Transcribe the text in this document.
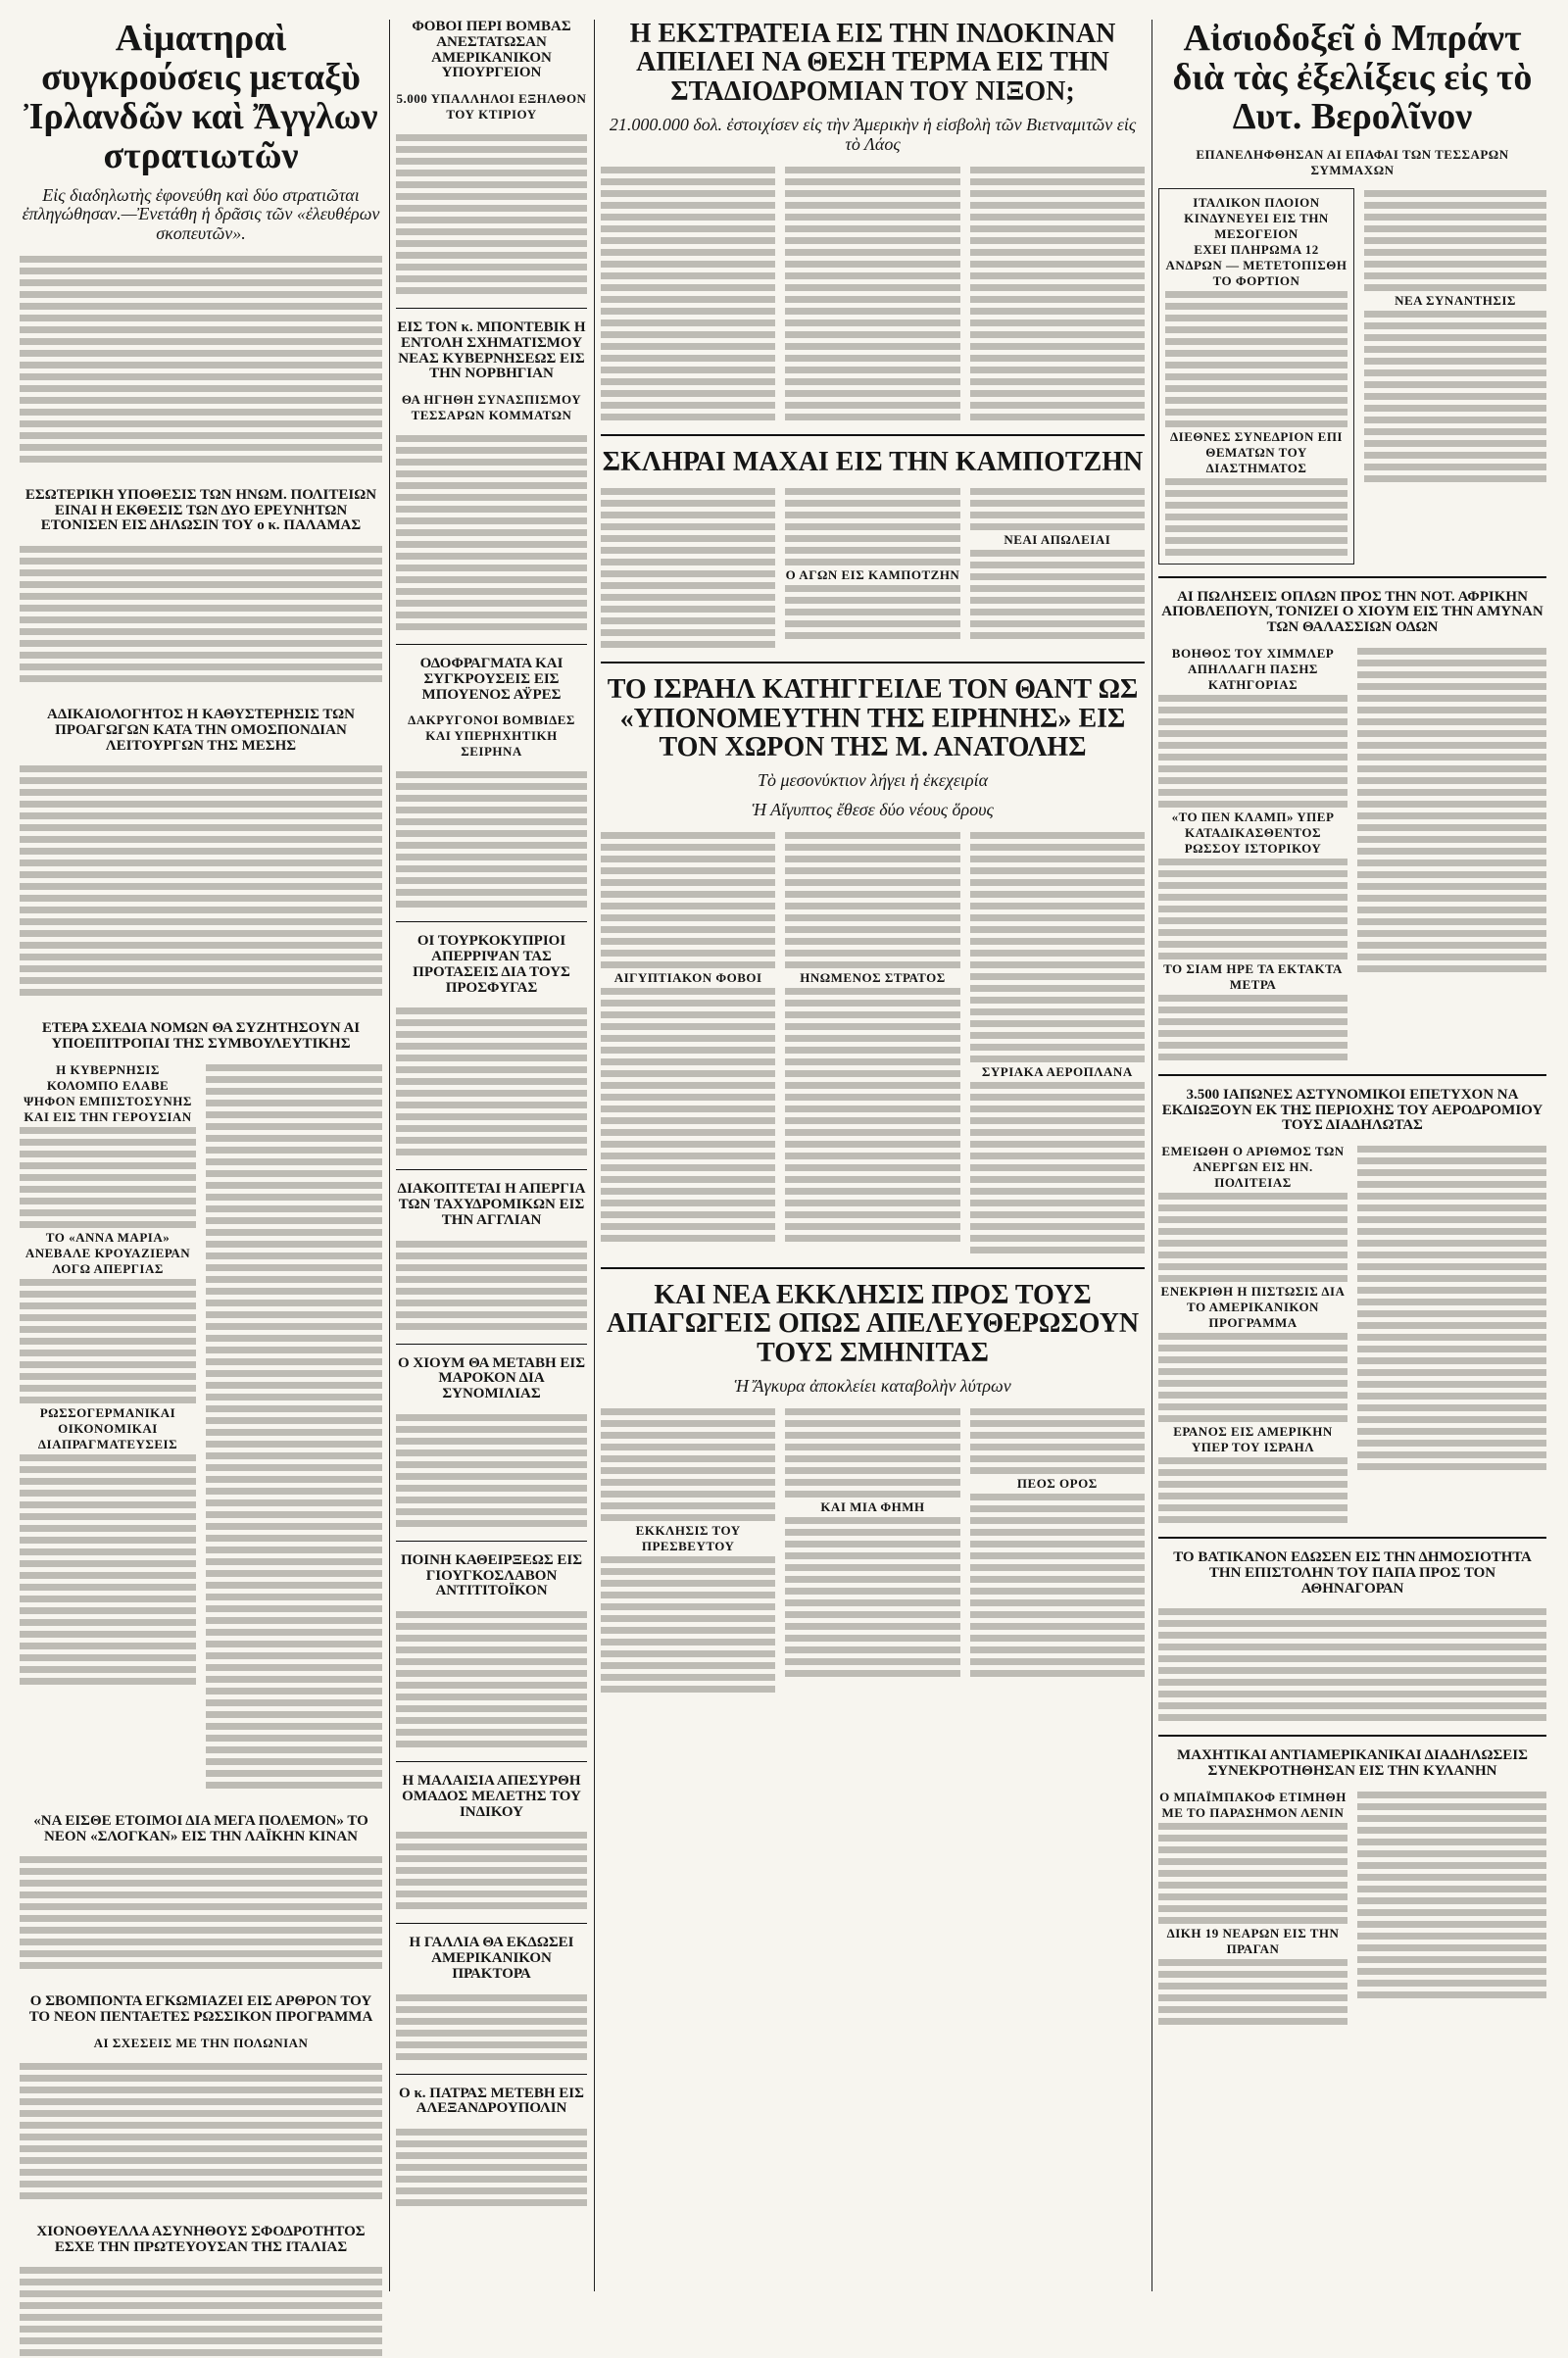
Αἱματηραὶ συγκρούσεις μεταξὺ Ἰρλανδῶν καὶ Ἄγγλων στρατιωτῶν
Εἰς διαδηλωτὴς ἐφονεύθη καὶ δύο στρατιῶται ἐπληγώθησαν.—Ἐνετάθη ἡ δρᾶσις τῶν «ἐλευθέρων σκοπευτῶν».
ΕΣΩΤΕΡΙΚΗ ΥΠΟΘΕΣΙΣ ΤΩΝ ΗΝΩΜ. ΠΟΛΙΤΕΙΩΝ ΕΙΝΑΙ Η ΕΚΘΕΣΙΣ ΤΩΝ ΔΥΟ ΕΡΕΥΝΗΤΩΝ ΕΤΟΝΙΣΕΝ ΕΙΣ ΔΗΛΩΣΙΝ ΤΟΥ ο κ. ΠΑΛΑΜΑΣ
ΑΔΙΚΑΙΟΛΟΓΗΤΟΣ Η ΚΑΘΥΣΤΕΡΗΣΙΣ ΤΩΝ ΠΡΟΑΓΩΓΩΝ ΚΑΤΑ ΤΗΝ ΟΜΟΣΠΟΝΔΙΑΝ ΛΕΙΤΟΥΡΓΩΝ ΤΗΣ ΜΕΣΗΣ
ΕΤΕΡΑ ΣΧΕΔΙΑ ΝΟΜΩΝ ΘΑ ΣΥΖΗΤΗΣΟΥΝ ΑΙ ΥΠΟΕΠΙΤΡΟΠΑΙ ΤΗΣ ΣΥΜΒΟΥΛΕΥΤΙΚΗΣ
Η ΚΥΒΕΡΝΗΣΙΣ ΚΟΛΟΜΠΟ ΕΛΑΒΕ ΨΗΦΟΝ ΕΜΠΙΣΤΟΣΥΝΗΣ ΚΑΙ ΕΙΣ ΤΗΝ ΓΕΡΟΥΣΙΑΝ
ΤΟ «ΑΝΝΑ ΜΑΡΙΑ» ΑΝΕΒΑΛΕ ΚΡΟΥΑΖΙΕΡΑΝ ΛΟΓΩ ΑΠΕΡΓΙΑΣ
ΡΩΣΣΟΓΕΡΜΑΝΙΚΑΙ ΟΙΚΟΝΟΜΙΚΑΙ ΔΙΑΠΡΑΓΜΑΤΕΥΣΕΙΣ
«ΝΑ ΕΙΣΘΕ ΕΤΟΙΜΟΙ ΔΙΑ ΜΕΓΑ ΠΟΛΕΜΟΝ» ΤΟ ΝΕΟΝ «ΣΛΟΓΚΑΝ» ΕΙΣ ΤΗΝ ΛΑΪΚΗΝ ΚΙΝΑΝ
Ο ΣΒΟΜΠΟΝΤΑ ΕΓΚΩΜΙΑΖΕΙ ΕΙΣ ΑΡΘΡΟΝ ΤΟΥ ΤΟ ΝΕΟΝ ΠΕΝΤΑΕΤΕΣ ΡΩΣΣΙΚΟΝ ΠΡΟΓΡΑΜΜΑ
ΑΙ ΣΧΕΣΕΙΣ ΜΕ ΤΗΝ ΠΟΛΩΝΙΑΝ
ΧΙΟΝΟΘΥΕΛΛΑ ΑΣΥΝΗΘΟΥΣ ΣΦΟΔΡΟΤΗΤΟΣ ΕΣΧΕ ΤΗΝ ΠΡΩΤΕΥΟΥΣΑΝ ΤΗΣ ΙΤΑΛΙΑΣ
ΦΟΒΟΙ ΠΕΡΙ ΒΟΜΒΑΣ ΑΝΕΣΤΑΤΩΣΑΝ ΑΜΕΡΙΚΑΝΙΚΟΝ ΥΠΟΥΡΓΕΙΟΝ
5.000 ΥΠΑΛΛΗΛΟΙ ΕΞΗΛΘΟΝ ΤΟΥ ΚΤΙΡΙΟΥ
ΕΙΣ ΤΟΝ κ. ΜΠΟΝΤΕΒΙΚ Η ΕΝΤΟΛΗ ΣΧΗΜΑΤΙΣΜΟΥ ΝΕΑΣ ΚΥΒΕΡΝΗΣΕΩΣ ΕΙΣ ΤΗΝ ΝΟΡΒΗΓΙΑΝ
ΘΑ ΗΓΗΘΗ ΣΥΝΑΣΠΙΣΜΟΥ ΤΕΣΣΑΡΩΝ ΚΟΜΜΑΤΩΝ
ΟΔΟΦΡΑΓΜΑΤΑ ΚΑΙ ΣΥΓΚΡΟΥΣΕΙΣ ΕΙΣ ΜΠΟΥΕΝΟΣ ΑΫΡΕΣ
ΔΑΚΡΥΓΟΝΟΙ ΒΟΜΒΙΔΕΣ ΚΑΙ ΥΠΕΡΗΧΗΤΙΚΗ ΣΕΙΡΗΝΑ
ΟΙ ΤΟΥΡΚΟΚΥΠΡΙΟΙ ΑΠΕΡΡΙΨΑΝ ΤΑΣ ΠΡΟΤΑΣΕΙΣ ΔΙΑ ΤΟΥΣ ΠΡΟΣΦΥΓΑΣ
ΔΙΑΚΟΠΤΕΤΑΙ Η ΑΠΕΡΓΙΑ ΤΩΝ ΤΑΧΥΔΡΟΜΙΚΩΝ ΕΙΣ ΤΗΝ ΑΓΓΛΙΑΝ
Ο ΧΙΟΥΜ ΘΑ ΜΕΤΑΒΗ ΕΙΣ ΜΑΡΟΚΟΝ ΔΙΑ ΣΥΝΟΜΙΛΙΑΣ
ΠΟΙΝΗ ΚΑΘΕΙΡΞΕΩΣ ΕΙΣ ΓΙΟΥΓΚΟΣΛΑΒΟΝ ΑΝΤΙΤΙΤΟΪΚΟΝ
Η ΜΑΛΑΙΣΙΑ ΑΠΕΣΥΡΘΗ ΟΜΑΔΟΣ ΜΕΛΕΤΗΣ ΤΟΥ ΙΝΔΙΚΟΥ
Η ΓΑΛΛΙΑ ΘΑ ΕΚΔΩΣΕΙ ΑΜΕΡΙΚΑΝΙΚΟΝ ΠΡΑΚΤΟΡΑ
Ο κ. ΠΑΤΡΑΣ ΜΕΤΕΒΗ ΕΙΣ ΑΛΕΞΑΝΔΡΟΥΠΟΛΙΝ
Η ΕΚΣΤΡΑΤΕΙΑ ΕΙΣ ΤΗΝ ΙΝΔΟΚΙΝΑΝ ΑΠΕΙΛΕΙ ΝΑ ΘΕΣΗ ΤΕΡΜΑ ΕΙΣ ΤΗΝ ΣΤΑΔΙΟΔΡΟΜΙΑΝ ΤΟΥ ΝΙΞΟΝ;
21.000.000 δολ. ἐστοιχίσεν εἰς τὴν Ἀμερικὴν ἡ εἰσβολὴ τῶν Βιετναμιτῶν εἰς τὸ Λάος
ΣΚΛΗΡΑΙ ΜΑΧΑΙ ΕΙΣ ΤΗΝ ΚΑΜΠΟΤΖΗΝ
Ο ΑΓΩΝ ΕΙΣ ΚΑΜΠΟΤΖΗΝ
ΝΕΑΙ ΑΠΩΛΕΙΑΙ
ΤΟ ΙΣΡΑΗΛ ΚΑΤΗΓΓΕΙΛΕ ΤΟΝ ΘΑΝΤ ΩΣ «ΥΠΟΝΟΜΕΥΤΗΝ ΤΗΣ ΕΙΡΗΝΗΣ» ΕΙΣ ΤΟΝ ΧΩΡΟΝ ΤΗΣ Μ. ΑΝΑΤΟΛΗΣ
Τὸ μεσονύκτιον λήγει ἡ ἐκεχειρία
Ἡ Αἴγυπτος ἔθεσε δύο νέους ὅρους
ΑΙΓΥΠΤΙΑΚΟΝ ΦΟΒΟΙ	ΗΝΩΜΕΝΟΣ ΣΤΡΑΤΟΣ
ΣΥΡΙΑΚΑ ΑΕΡΟΠΛΑΝΑ
ΚΑΙ ΝΕΑ ΕΚΚΛΗΣΙΣ ΠΡΟΣ ΤΟΥΣ ΑΠΑΓΩΓΕΙΣ ΟΠΩΣ ΑΠΕΛΕΥΘΕΡΩΣΟΥΝ ΤΟΥΣ ΣΜΗΝΙΤΑΣ
Ἡ Ἄγκυρα ἀποκλείει καταβολὴν λύτρων
ΕΚΚΛΗΣΙΣ ΤΟΥ ΠΡΕΣΒΕΥΤΟΥ
ΚΑΙ ΜΙΑ ΦΗΜΗ
ΠΕΟΣ ΟΡΟΣ
Αἰσιοδοξεῖ ὁ Μπράντ διὰ τὰς ἐξελίξεις εἰς τὸ Δυτ. Βερολῖνον
ΕΠΑΝΕΛΗΦΘΗΣΑΝ ΑΙ ΕΠΑΦΑΙ ΤΩΝ ΤΕΣΣΑΡΩΝ ΣΥΜΜΑΧΩΝ
ΙΤΑΛΙΚΟΝ ΠΛΟΙΟΝ ΚΙΝΔΥΝΕΥΕΙ ΕΙΣ ΤΗΝ ΜΕΣΟΓΕΙΟΝ
ΕΧΕΙ ΠΛΗΡΩΜΑ 12 ΑΝΔΡΩΝ — ΜΕΤΕΤΟΠΙΣΘΗ ΤΟ ΦΟΡΤΙΟΝ
ΔΙΕΘΝΕΣ ΣΥΝΕΔΡΙΟΝ ΕΠΙ ΘΕΜΑΤΩΝ ΤΟΥ ΔΙΑΣΤΗΜΑΤΟΣ
ΝΕΑ ΣΥΝΑΝΤΗΣΙΣ
ΑΙ ΠΩΛΗΣΕΙΣ ΟΠΛΩΝ ΠΡΟΣ ΤΗΝ ΝΟΤ. ΑΦΡΙΚΗΝ ΑΠΟΒΛΕΠΟΥΝ, ΤΟΝΙΖΕΙ Ο ΧΙΟΥΜ ΕΙΣ ΤΗΝ ΑΜΥΝΑΝ ΤΩΝ ΘΑΛΑΣΣΙΩΝ ΟΔΩΝ
ΒΟΗΘΟΣ ΤΟΥ ΧΙΜΜΛΕΡ ΑΠΗΛΛΑΓΗ ΠΑΣΗΣ ΚΑΤΗΓΟΡΙΑΣ
«ΤΟ ΠΕΝ ΚΛΑΜΠ» ΥΠΕΡ ΚΑΤΑΔΙΚΑΣΘΕΝΤΟΣ ΡΩΣΣΟΥ ΙΣΤΟΡΙΚΟΥ
ΤΟ ΣΙΑΜ ΗΡΕ ΤΑ ΕΚΤΑΚΤΑ ΜΕΤΡΑ
3.500 ΙΑΠΩΝΕΣ ΑΣΤΥΝΟΜΙΚΟΙ ΕΠΕΤΥΧΟΝ ΝΑ ΕΚΔΙΩΞΟΥΝ ΕΚ ΤΗΣ ΠΕΡΙΟΧΗΣ ΤΟΥ ΑΕΡΟΔΡΟΜΙΟΥ ΤΟΥΣ ΔΙΑΔΗΛΩΤΑΣ
ΕΜΕΙΩΘΗ Ο ΑΡΙΘΜΟΣ ΤΩΝ ΑΝΕΡΓΩΝ ΕΙΣ ΗΝ. ΠΟΛΙΤΕΙΑΣ
ΕΝΕΚΡΙΘΗ Η ΠΙΣΤΩΣΙΣ ΔΙΑ ΤΟ ΑΜΕΡΙΚΑΝΙΚΟΝ ΠΡΟΓΡΑΜΜΑ
ΕΡΑΝΟΣ ΕΙΣ ΑΜΕΡΙΚΗΝ ΥΠΕΡ ΤΟΥ ΙΣΡΑΗΛ
ΤΟ ΒΑΤΙΚΑΝΟΝ ΕΔΩΣΕΝ ΕΙΣ ΤΗΝ ΔΗΜΟΣΙΟΤΗΤΑ ΤΗΝ ΕΠΙΣΤΟΛΗΝ ΤΟΥ ΠΑΠΑ ΠΡΟΣ ΤΟΝ ΑΘΗΝΑΓΟΡΑΝ
ΜΑΧΗΤΙΚΑΙ ΑΝΤΙΑΜΕΡΙΚΑΝΙΚΑΙ ΔΙΑΔΗΛΩΣΕΙΣ ΣΥΝΕΚΡΟΤΗΘΗΣΑΝ ΕΙΣ ΤΗΝ ΚΥΛΑΝΗΝ
Ο ΜΠΑΪΜΠΑΚΟΦ ΕΤΙΜΗΘΗ ΜΕ ΤΟ ΠΑΡΑΣΗΜΟΝ ΛΕΝΙΝ
ΔΙΚΗ 19 ΝΕΑΡΩΝ ΕΙΣ ΤΗΝ ΠΡΑΓΑΝ
